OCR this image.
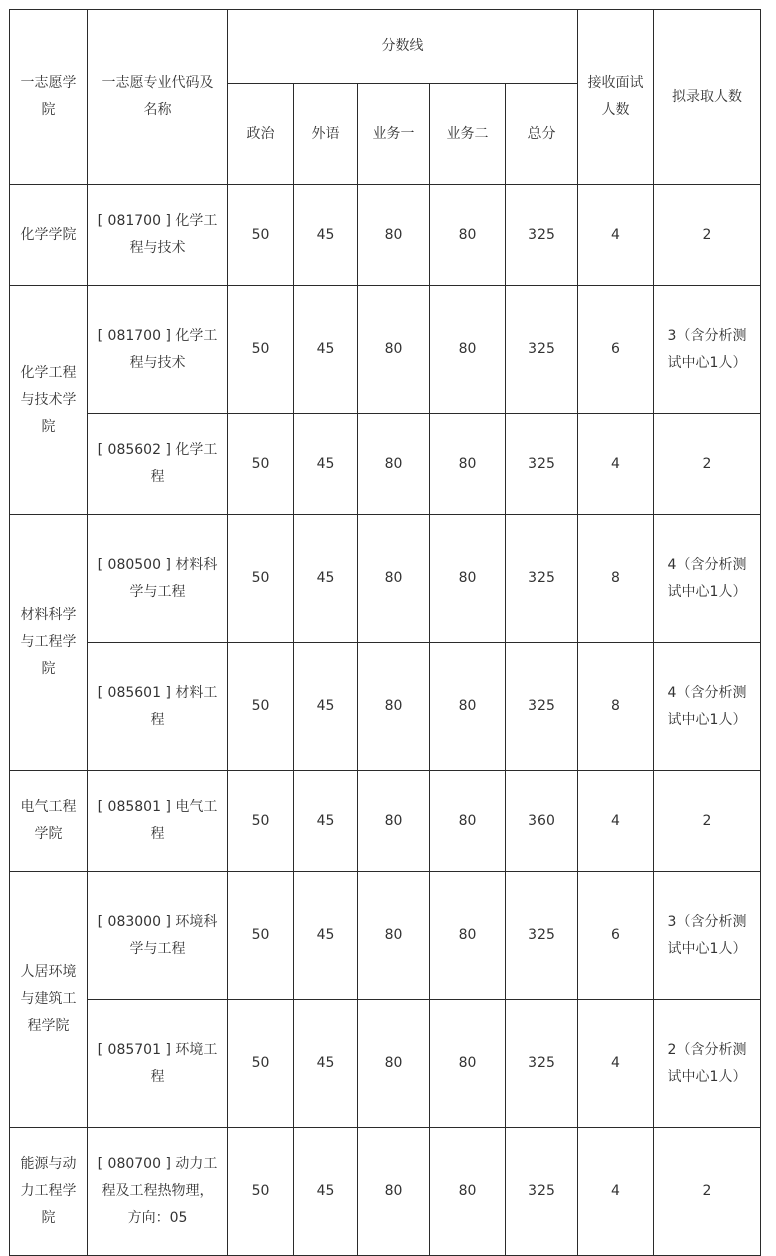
一志愿学院	一志愿专业代码及名称	分数线					接收面试人数	拟录取人数
		政治	外语	业务一	业务二	总分		
化学学院	[ 081700 ] 化学工程与技术	50	45	80	80	325	4	2
化学工程与技术学院	[ 081700 ] 化学工程与技术	50	45	80	80	325	6	3（含分析测试中心1人）
	[ 085602 ] 化学工程	50	45	80	80	325	4	2
材料科学与工程学院	[ 080500 ] 材料科学与工程	50	45	80	80	325	8	4（含分析测试中心1人）
	[ 085601 ] 材料工程	50	45	80	80	325	8	4（含分析测试中心1人）
电气工程学院	[ 085801 ] 电气工程	50	45	80	80	360	4	2
人居环境与建筑工程学院	[ 083000 ] 环境科学与工程	50	45	80	80	325	6	3（含分析测试中心1人）
	[ 085701 ] 环境工程	50	45	80	80	325	4	2（含分析测试中心1人）
能源与动力工程学院	[ 080700 ] 动力工程及工程热物理，方向：05	50	45	80	80	325	4	2
